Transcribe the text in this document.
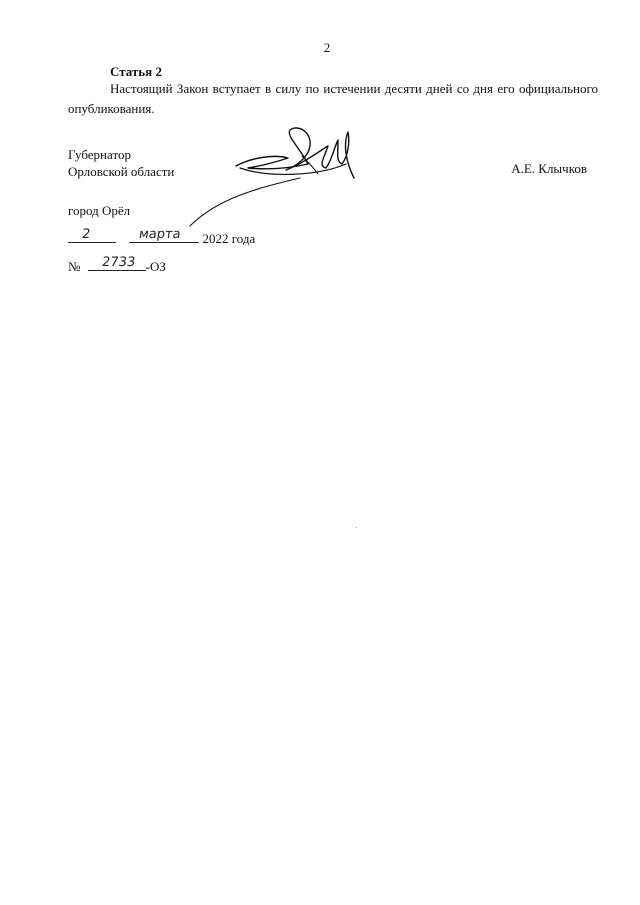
2
Статья 2

Настоящий Закон вступает в силу по истечении десяти дней со дня его официального опубликования.

Губернатор
Орловской области	А.Е. Клычков
город Орёл
2
	марта 2022 года
№ 2733 -ОЗ
